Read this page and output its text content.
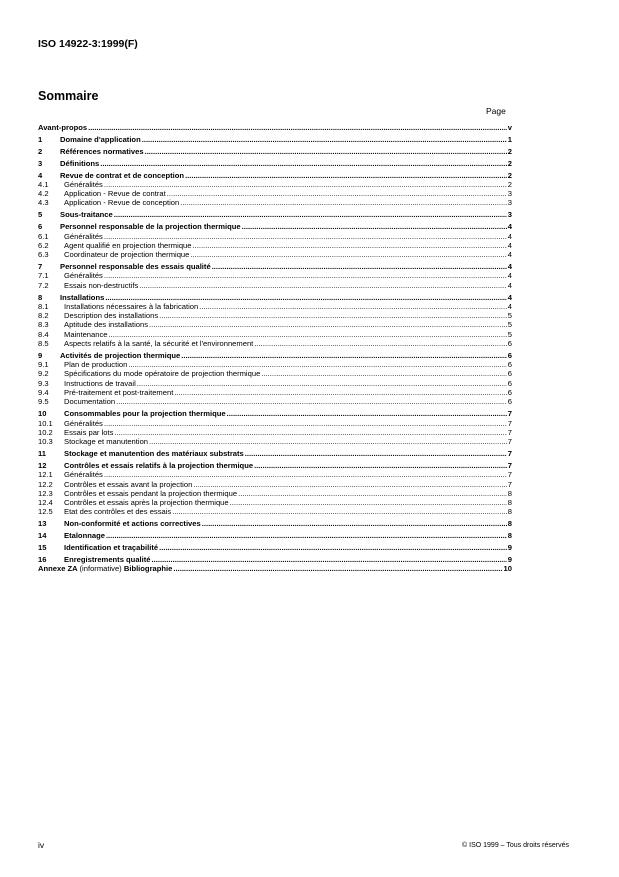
ISO 14922-3:1999(F)
Sommaire
Page
Avant-propos .....	v
1	Domaine d'application .....	1
2	Références normatives .....	2
3	Définitions .....	2
4	Revue de contrat et de conception .....	2
4.1	Généralités .....	2
4.2	Application - Revue de contrat .....	3
4.3	Application - Revue de conception .....	3
5	Sous-traitance .....	3
6	Personnel responsable de la projection thermique .....	4
6.1	Généralités .....	4
6.2	Agent qualifié en projection thermique .....	4
6.3	Coordinateur de projection thermique .....	4
7	Personnel responsable des essais qualité .....	4
7.1	Généralités .....	4
7.2	Essais non-destructifs .....	4
8	Installations .....	4
8.1	Installations nécessaires à la fabrication .....	4
8.2	Description des installations .....	5
8.3	Aptitude des installations .....	5
8.4	Maintenance .....	5
8.5	Aspects relatifs à la santé, la sécurité et l'environnement .....	6
9	Activités de projection thermique .....	6
9.1	Plan de production .....	6
9.2	Spécifications du mode opératoire de projection thermique .....	6
9.3	Instructions de travail .....	6
9.4	Pré-traitement et post-traitement .....	6
9.5	Documentation .....	6
10	Consommables pour la projection thermique .....	7
10.1	Généralités .....	7
10.2	Essais par lots .....	7
10.3	Stockage et manutention .....	7
11	Stockage et manutention des matériaux substrats .....	7
12	Contrôles et essais relatifs à la projection thermique .....	7
12.1	Généralités .....	7
12.2	Contrôles et essais avant la projection .....	7
12.3	Contrôles et essais pendant la projection thermique .....	8
12.4	Contrôles et essais après la projection thermique .....	8
12.5	Etat des contrôles et des essais .....	8
13	Non-conformité et actions correctives .....	8
14	Etalonnage .....	8
15	Identification et traçabilité .....	9
16	Enregistrements qualité .....	9
Annexe ZA (informative) Bibliographie .....	10
iv	© ISO 1999 – Tous droits réservés
